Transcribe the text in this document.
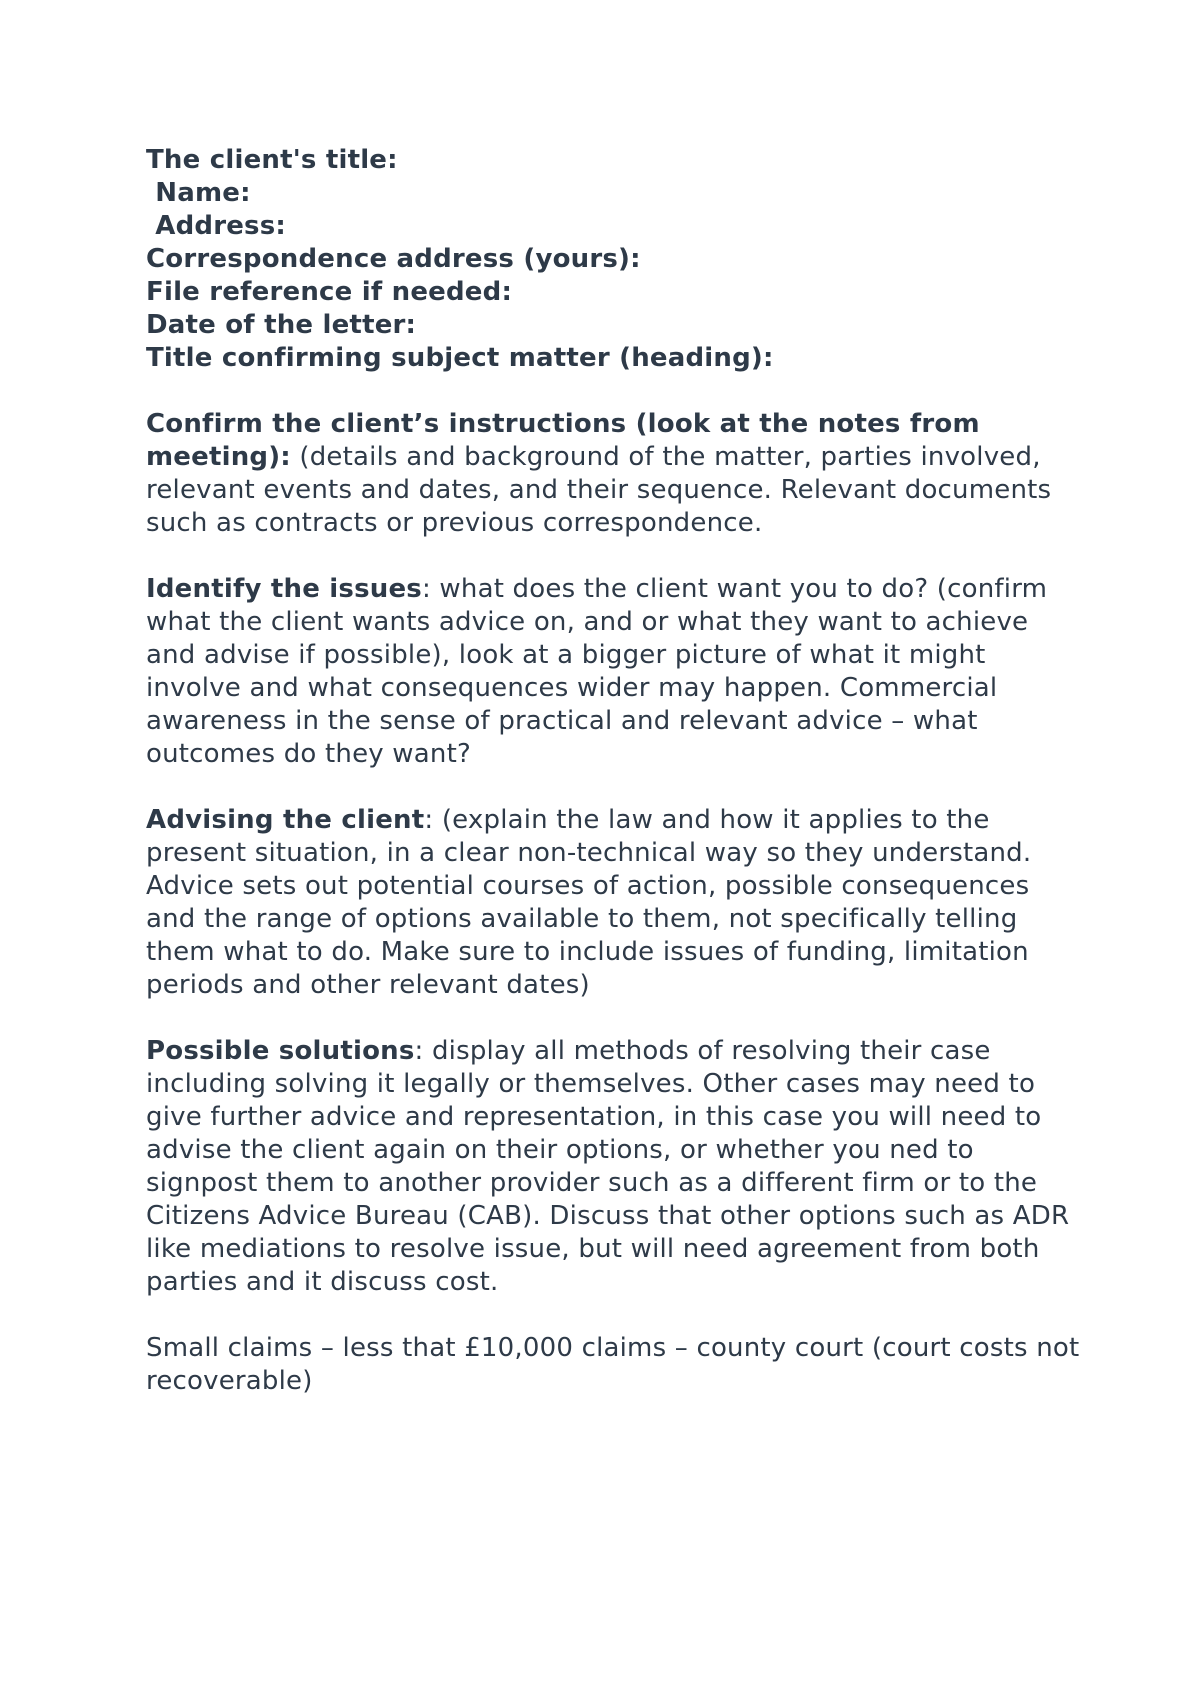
The client's title:

Name:

Address:

Correspondence address (yours):

File reference if needed:

Date of the letter:

Title confirming subject matter (heading):

Confirm the client’s instructions (look at the notes from meeting): (details and background of the matter, parties involved, relevant events and dates, and their sequence. Relevant documents such as contracts or previous correspondence.

Identify the issues: what does the client want you to do? (confirm what the client wants advice on, and or what they want to achieve and advise if possible), look at a bigger picture of what it might involve and what consequences wider may happen. Commercial awareness in the sense of practical and relevant advice – what outcomes do they want?

Advising the client: (explain the law and how it applies to the present situation, in a clear non-technical way so they understand. Advice sets out potential courses of action, possible consequences and the range of options available to them, not specifically telling them what to do. Make sure to include issues of funding, limitation periods and other relevant dates)

Possible solutions: display all methods of resolving their case including solving it legally or themselves. Other cases may need to give further advice and representation, in this case you will need to advise the client again on their options, or whether you ned to signpost them to another provider such as a different firm or to the Citizens Advice Bureau (CAB). Discuss that other options such as ADR like mediations to resolve issue, but will need agreement from both parties and it discuss cost.

Small claims – less that £10,000 claims – county court (court costs not recoverable)
